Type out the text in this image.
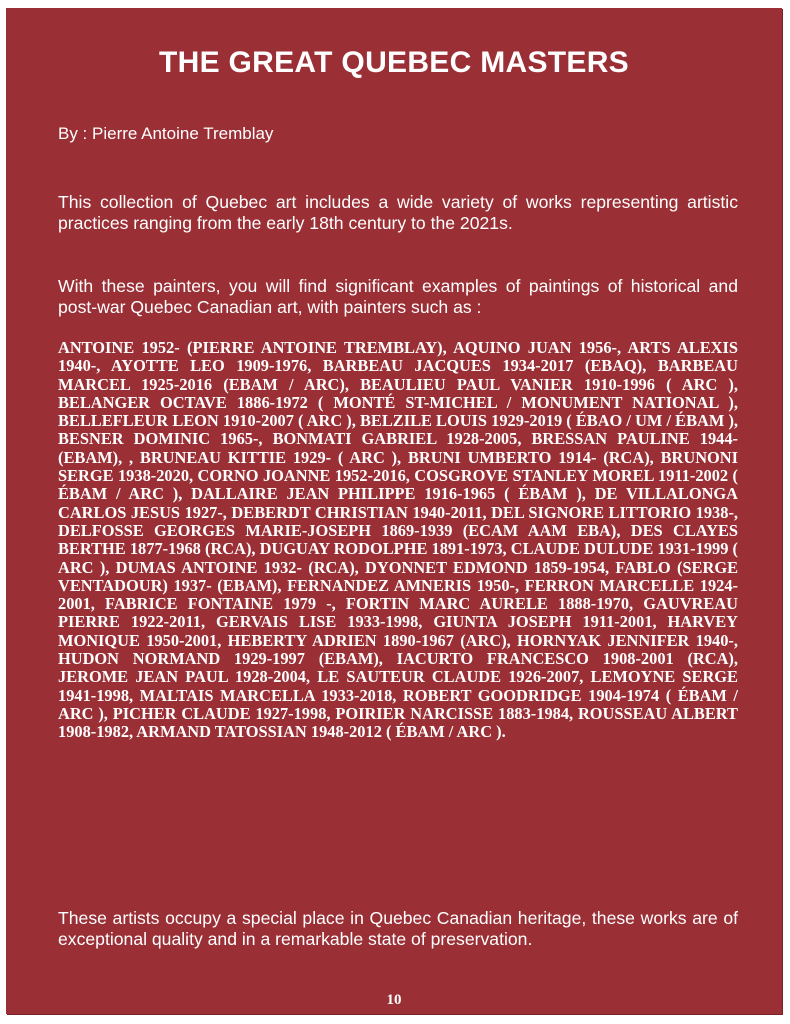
THE GREAT QUEBEC MASTERS

By : Pierre Antoine Tremblay

This collection of Quebec art includes a wide variety of works representing artistic practices ranging from the early 18th century to the 2021s.

With these painters, you will find significant examples of paintings of historical and post-war Quebec Canadian art, with painters such as :

ANTOINE 1952- (PIERRE ANTOINE TREMBLAY), AQUINO JUAN 1956-, ARTS ALEXIS 1940-, AYOTTE LEO 1909-1976, BARBEAU JACQUES 1934-2017 (EBAQ), BARBEAU MARCEL 1925-2016 (EBAM / ARC), BEAULIEU PAUL VANIER 1910-1996 ( ARC ), BELANGER OCTAVE 1886-1972 ( MONTÉ ST-MICHEL / MONUMENT NATIONAL ), BELLEFLEUR LEON 1910-2007 ( ARC ), BELZILE LOUIS 1929-2019 ( ÉBAO / UM / ÉBAM ), BESNER DOMINIC 1965-, BONMATI GABRIEL 1928-2005, BRESSAN PAULINE 1944- (EBAM), , BRUNEAU KITTIE 1929- ( ARC ), BRUNI UMBERTO 1914- (RCA), BRUNONI SERGE 1938-2020, CORNO JOANNE 1952-2016, COSGROVE STANLEY MOREL 1911-2002 ( ÉBAM / ARC ), DALLAIRE JEAN PHILIPPE 1916-1965 ( ÉBAM ), DE VILLALONGA CARLOS JESUS 1927-, DEBERDT CHRISTIAN 1940-2011, DEL SIGNORE LITTORIO 1938-, DELFOSSE GEORGES MARIE-JOSEPH 1869-1939 (ECAM AAM EBA), DES CLAYES BERTHE 1877-1968 (RCA), DUGUAY RODOLPHE 1891-1973, CLAUDE DULUDE 1931-1999 ( ARC ), DUMAS ANTOINE 1932- (RCA), DYONNET EDMOND 1859-1954, FABLO (SERGE VENTADOUR) 1937- (EBAM), FERNANDEZ AMNERIS 1950-, FERRON MARCELLE 1924-2001, FABRICE FONTAINE 1979 -, FORTIN MARC AURELE 1888-1970, GAUVREAU PIERRE 1922-2011, GERVAIS LISE 1933-1998, GIUNTA JOSEPH 1911-2001, HARVEY MONIQUE 1950-2001, HEBERTY ADRIEN 1890-1967 (ARC), HORNYAK JENNIFER 1940-, HUDON NORMAND 1929-1997 (EBAM), IACURTO FRANCESCO 1908-2001 (RCA), JEROME JEAN PAUL 1928-2004, LE SAUTEUR CLAUDE 1926-2007, LEMOYNE SERGE 1941-1998, MALTAIS MARCELLA 1933-2018, ROBERT GOODRIDGE 1904-1974 ( ÉBAM / ARC ), PICHER CLAUDE 1927-1998, POIRIER NARCISSE 1883-1984, ROUSSEAU ALBERT 1908-1982, ARMAND TATOSSIAN 1948-2012 ( ÉBAM / ARC ).

These artists occupy a special place in Quebec Canadian heritage, these works are of exceptional quality and in a remarkable state of preservation.

10
